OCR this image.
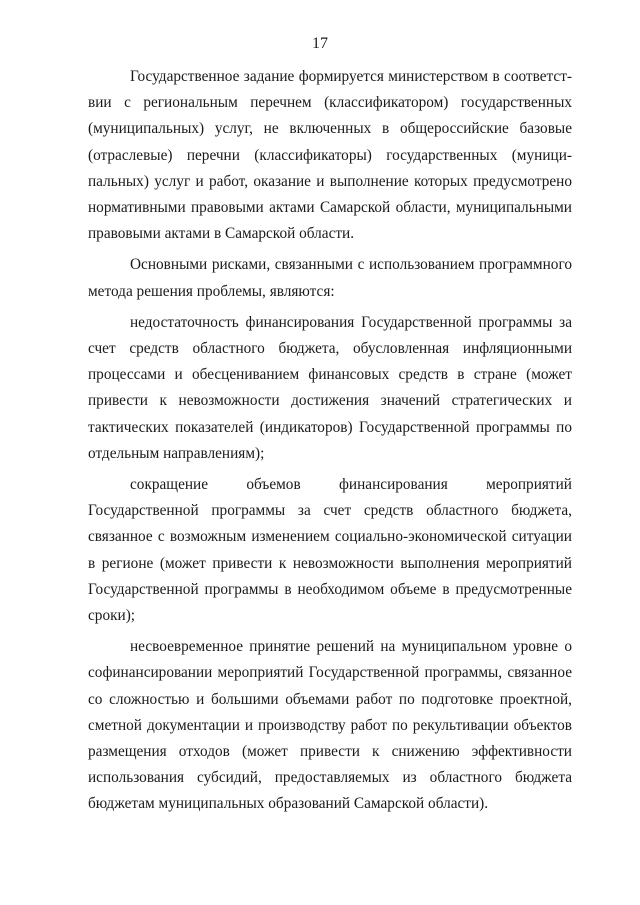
17

Государственное задание формируется министерством в соответствии с региональным перечнем (классификатором) государственных (муниципальных) услуг, не включенных в общероссийские базовые (отраслевые) перечни (классификаторы) государственных (муниципальных) услуг и работ, оказание и выполнение которых предусмотрено нормативными правовыми актами Самарской области, муниципальными правовыми актами в Самарской области.

Основными рисками, связанными с использованием программного метода решения проблемы, являются:

недостаточность финансирования Государственной программы за счет средств областного бюджета, обусловленная инфляционными процессами и обесцениванием финансовых средств в стране (может привести к невозможности достижения значений стратегических и тактических показателей (индикаторов) Государственной программы по отдельным направлениям);

сокращение объемов финансирования мероприятий Государственной программы за счет средств областного бюджета, связанное с возможным изменением социально-экономической ситуации в регионе (может привести к невозможности выполнения мероприятий Государственной программы в необходимом объеме в предусмотренные сроки);

несвоевременное принятие решений на муниципальном уровне о софинансировании мероприятий Государственной программы, связанное со сложностью и большими объемами работ по подготовке проектной, сметной документации и производству работ по рекультивации объектов размещения отходов (может привести к снижению эффективности использования субсидий, предоставляемых из областного бюджета бюджетам муниципальных образований Самарской области).
